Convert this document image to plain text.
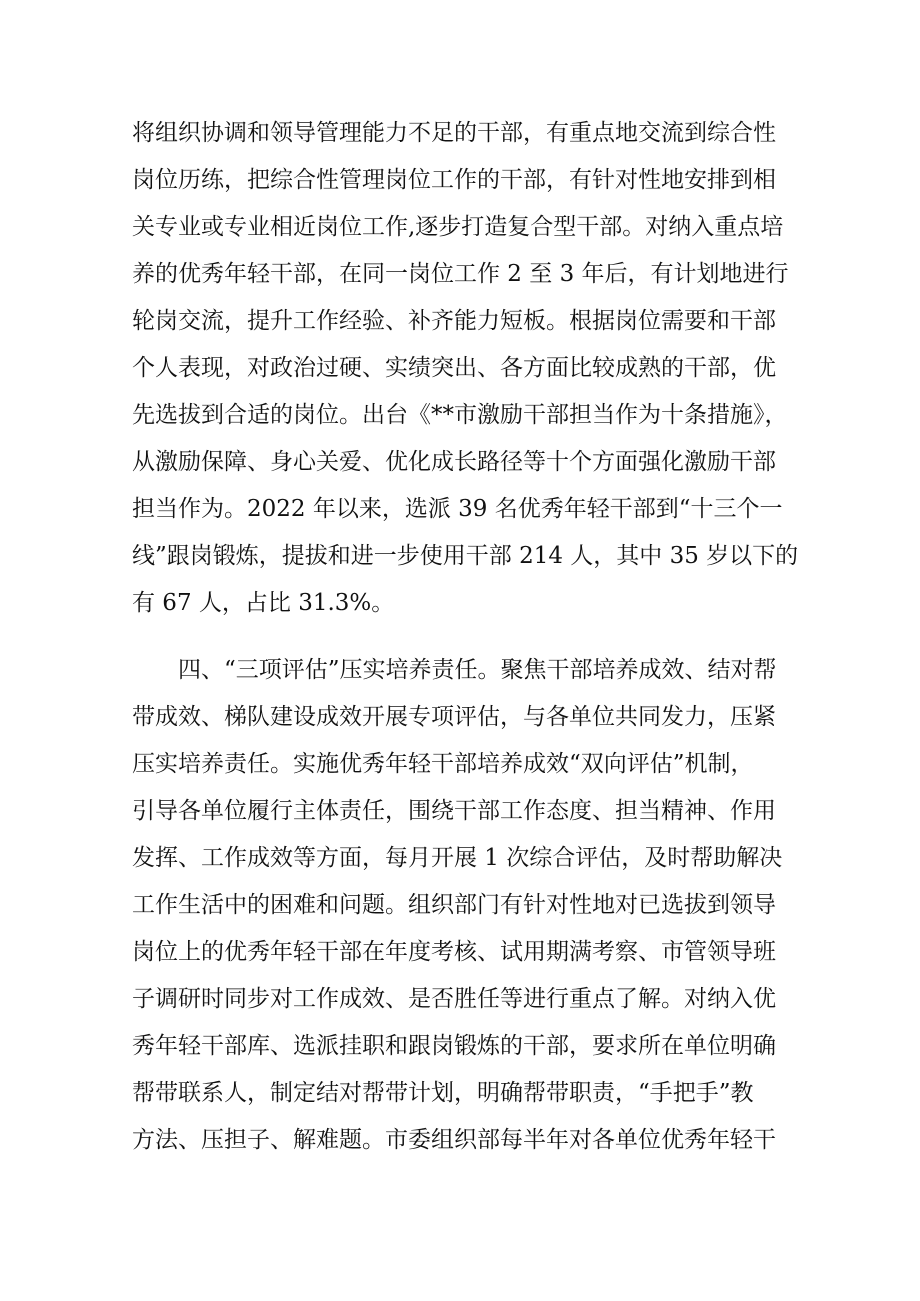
将组织协调和领导管理能力不足的干部，有重点地交流到综合性
岗位历练，把综合性管理岗位工作的干部，有针对性地安排到相
关专业或专业相近岗位工作,逐步打造复合型干部。对纳入重点培
养的优秀年轻干部，在同一岗位工作 2 至 3 年后，有计划地进行
轮岗交流，提升工作经验、补齐能力短板。根据岗位需要和干部
个人表现，对政治过硬、实绩突出、各方面比较成熟的干部，优
先选拔到合适的岗位。出台《**市激励干部担当作为十条措施》，
从激励保障、身心关爱、优化成长路径等十个方面强化激励干部
担当作为。2022 年以来，选派 39 名优秀年轻干部到“十三个一
线”跟岗锻炼，提拔和进一步使用干部 214 人，其中 35 岁以下的
有 67 人，占比 31.3%。
四、“三项评估”压实培养责任。聚焦干部培养成效、结对帮
带成效、梯队建设成效开展专项评估，与各单位共同发力，压紧
压实培养责任。实施优秀年轻干部培养成效“双向评估”机制，
引导各单位履行主体责任，围绕干部工作态度、担当精神、作用
发挥、工作成效等方面，每月开展 1 次综合评估，及时帮助解决
工作生活中的困难和问题。组织部门有针对性地对已选拔到领导
岗位上的优秀年轻干部在年度考核、试用期满考察、市管领导班
子调研时同步对工作成效、是否胜任等进行重点了解。对纳入优
秀年轻干部库、选派挂职和跟岗锻炼的干部，要求所在单位明确
帮带联系人，制定结对帮带计划，明确帮带职责，“手把手”教
方法、压担子、解难题。市委组织部每半年对各单位优秀年轻干
